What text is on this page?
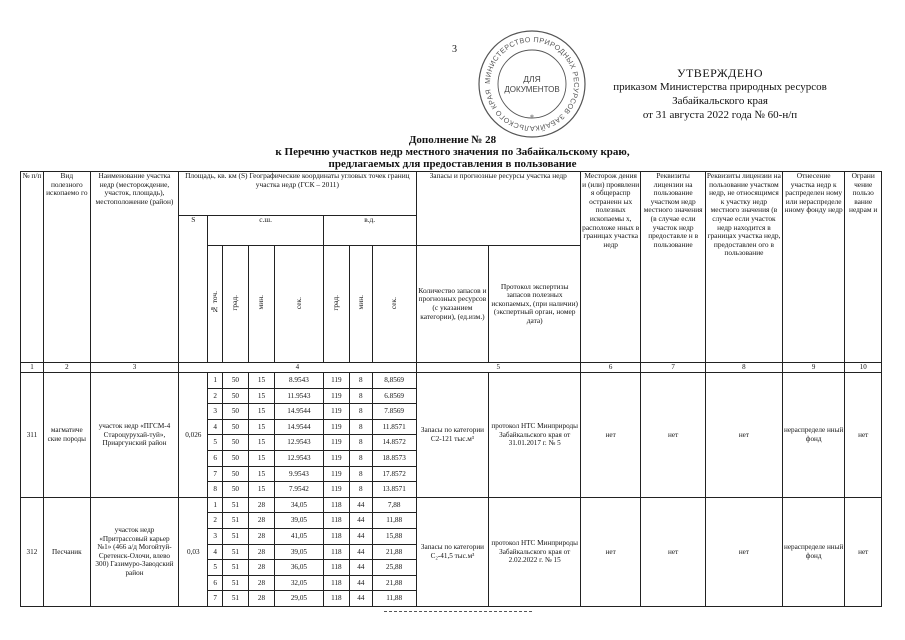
3
МИНИСТЕРСТВО ПРИРОДНЫХ РЕСУРСОВ ЗАБАЙКАЛЬСКОГО КРАЯ
ДЛЯ
ДОКУМЕНТОВ
*
УТВЕРЖДЕНО
приказом Министерства природных ресурсов
Забайкальского края
от 31 августа 2022 года № 60-н/п
Дополнение № 28
к Перечню участков недр местного значения по Забайкальскому краю,
предлагаемых для предоставления в пользование
№ п/п	Вид полезного ископаемо го	Наименование участка недр (месторождение, участок, площадь), местоположение (район)	Площадь, кв. км (S) Географические координаты угловых точек границ участка недр (ГСК – 2011)								Запасы и прогнозные ресурсы участка недр		Месторож дения и (или) проявлени я общераспр остраненн ых полезных ископаемы х, расположе нных в границах участка недр	Реквизиты лицензии на пользование участком недр местного значения (в случае если участок недр предоставле н в пользование	Реквизиты лицензии на пользование участком недр, не относящимся к участку недр местного значения (в случае если участок недр находится в границах участка недр, предоставлен ого в пользование	Отнесение участка недр к распределен ному или нераспределе нному фонду недр	Ограни чение пользо вание недрам и
			S	с.ш.				в.д.									
				№ точ.	град.	мин.	сек.	град.	мин.	сек.	Количество запасов и прогнозных ресурсов (с указанием категории), (ед.изм.)	Протокол экспертизы запасов полезных ископаемых, (при наличии) (экспертный орган, номер дата)					
1	2	3	4								5		6	7	8	9	10
311	магматиче ские породы	участок недр «ПГСМ-4 Староцурухай-туй», Приаргунский район	0,026	1	50	15	8.9543	119	8	8,8569	Запасы по категории С2-121 тыс.м³	протокол НТС Минприроды Забайкальского края от 31.01.2017 г. № 5	нет	нет	нет	нераспределе нный фонд	нет
				2	50	15	11.9543	119	8	6.8569							
				3	50	15	14.9544	119	8	7.8569							
				4	50	15	14.9544	119	8	11.8571							
				5	50	15	12.9543	119	8	14.8572							
				6	50	15	12.9543	119	8	18.8573							
				7	50	15	9.9543	119	8	17.8572							
				8	50	15	7.9542	119	8	13.8571							
312	Песчаник	участок недр «Притрассовый карьер №1» (466 а/д Могойтуй-Сретенск-Олочи, влево 300) Газимуро-Заводский район	0,03	1	51	28	34,05	118	44	7,88	Запасы по категории С₂-41,5 тыс.м³	протокол НТС Минприроды Забайкальского края от 2.02.2022 г. № 15	нет	нет	нет	нераспределе нный фонд	нет
				2	51	28	39,05	118	44	11,88							
				3	51	28	41,05	118	44	15,88							
				4	51	28	39,05	118	44	21,88							
				5	51	28	36,05	118	44	25,88							
				6	51	28	32,05	118	44	21,88							
				7	51	28	29,05	118	44	11,88							
